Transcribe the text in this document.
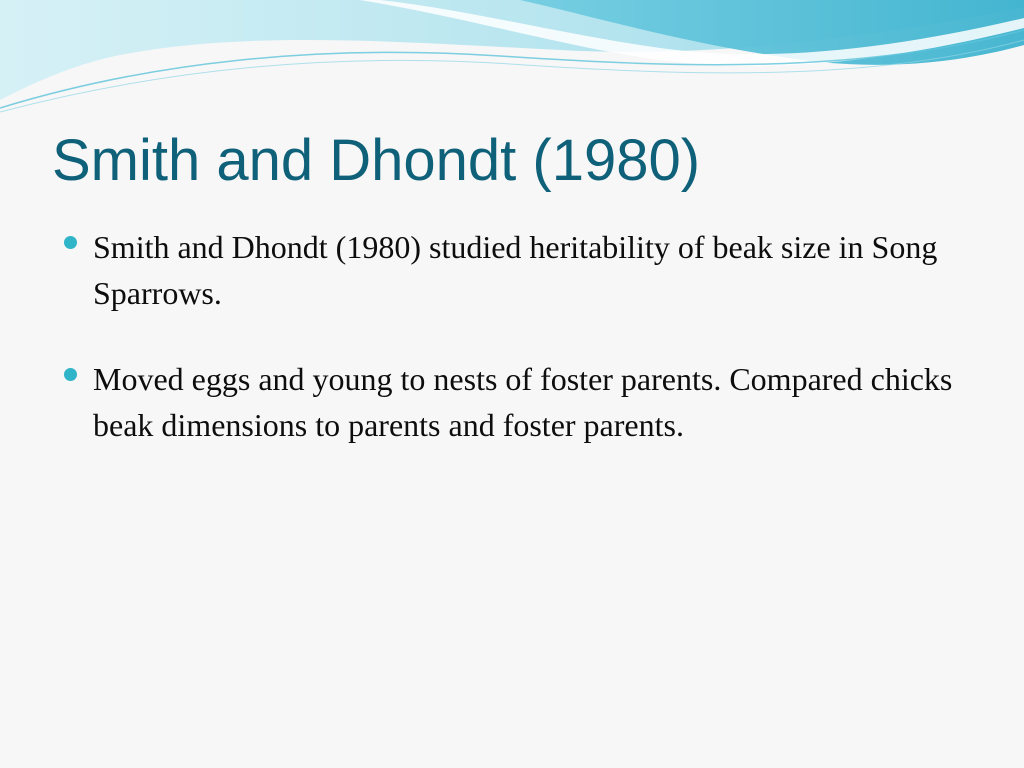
Smith and Dhondt (1980)
Smith and Dhondt (1980) studied heritability of beak size in Song Sparrows.
Moved eggs and young to nests of foster parents. Compared chicks beak dimensions to parents and foster parents.
